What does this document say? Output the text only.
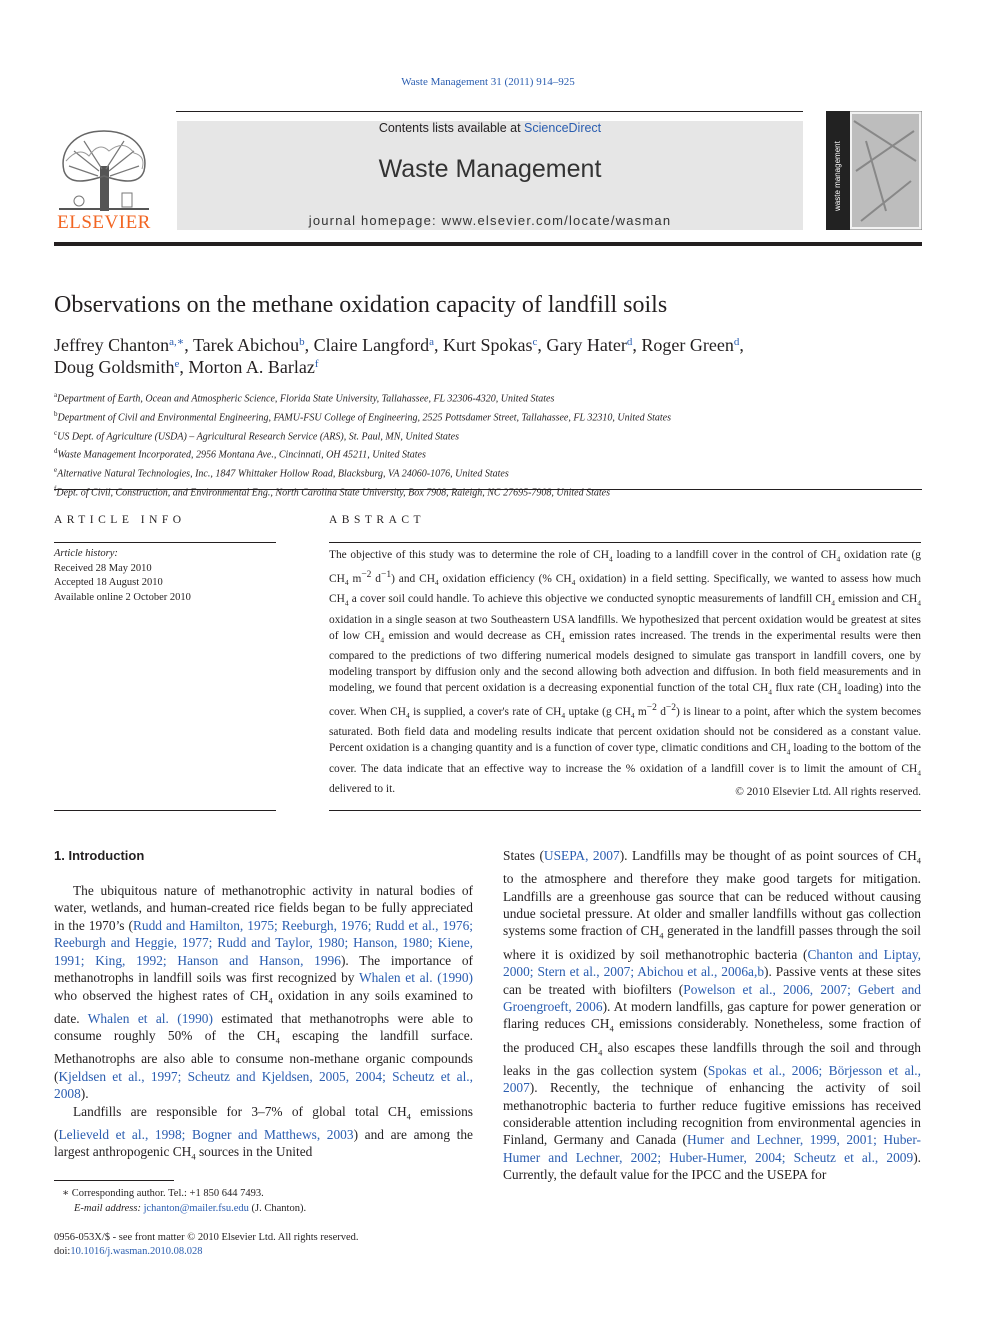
Waste Management 31 (2011) 914–925
ELSEVIER
Contents lists available at ScienceDirect
Waste Management
journal homepage: www.elsevier.com/locate/wasman
waste management
Observations on the methane oxidation capacity of landfill soils
Jeffrey Chanton$^{a,∗}$, Tarek Abichou$^b$, Claire Langford$^a$, Kurt Spokas$^c$, Gary Hater$^d$, Roger Green$^d$,
Doug Goldsmith$^e$, Morton A. Barlaz$^f$
$^a$Department of Earth, Ocean and Atmospheric Science, Florida State University, Tallahassee, FL 32306-4320, United States
$^b$Department of Civil and Environmental Engineering, FAMU-FSU College of Engineering, 2525 Pottsdamer Street, Tallahassee, FL 32310, United States
$^c$US Dept. of Agriculture (USDA) – Agricultural Research Service (ARS), St. Paul, MN, United States
$^d$Waste Management Incorporated, 2956 Montana Ave., Cincinnati, OH 45211, United States
$^e$Alternative Natural Technologies, Inc., 1847 Whittaker Hollow Road, Blacksburg, VA 24060-1076, United States
$^f$Dept. of Civil, Construction, and Environmental Eng., North Carolina State University, Box 7908, Raleigh, NC 27695-7908, United States
ARTICLE INFO
Article history:
Received 28 May 2010
Accepted 18 August 2010
Available online 2 October 2010
ABSTRACT
The objective of this study was to determine the role of $CH_4$ loading to a landfill cover in the control of $CH_4$ oxidation rate (g $CH_4$ $m^{-2}$ $d^{-1}$) and $CH_4$ oxidation efficiency (% $CH_4$ oxidation) in a field setting. Specifically, we wanted to assess how much $CH_4$ a cover soil could handle. To achieve this objective we conducted synoptic measurements of landfill $CH_4$ emission and $CH_4$ oxidation in a single season at two Southeastern USA landfills. We hypothesized that percent oxidation would be greatest at sites of low $CH_4$ emission and would decrease as $CH_4$ emission rates increased. The trends in the experimental results were then compared to the predictions of two differing numerical models designed to simulate gas transport in landfill covers, one by modeling transport by diffusion only and the second allowing both advection and diffusion. In both field measurements and in modeling, we found that percent oxidation is a decreasing exponential function of the total $CH_4$ flux rate ($CH_4$ loading) into the cover. When $CH_4$ is supplied, a cover's rate of $CH_4$ uptake (g $CH_4$ $m^{-2}$ $d^{-2}$) is linear to a point, after which the system becomes saturated. Both field data and modeling results indicate that percent oxidation should not be considered as a constant value. Percent oxidation is a changing quantity and is a function of cover type, climatic conditions and $CH_4$ loading to the bottom of the cover. The data indicate that an effective way to increase the % oxidation of a landfill cover is to limit the amount of $CH_4$ delivered to it.	© 2010 Elsevier Ltd. All rights reserved.
1. Introduction

The ubiquitous nature of methanotrophic activity in natural bodies of water, wetlands, and human-created rice fields began to be fully appreciated in the 1970’s (Rudd and Hamilton, 1975; Reeburgh, 1976; Rudd et al., 1976; Reeburgh and Heggie, 1977; Rudd and Taylor, 1980; Hanson, 1980; Kiene, 1991; King, 1992; Hanson and Hanson, 1996). The importance of methanotrophs in landfill soils was first recognized by Whalen et al. (1990) who observed the highest rates of $CH_4$ oxidation in any soils examined to date. Whalen et al. (1990) estimated that methanotrophs were able to consume roughly 50% of the $CH_4$ escaping the landfill surface. Methanotrophs are also able to consume non-methane organic compounds (Kjeldsen et al., 1997; Scheutz and Kjeldsen, 2005, 2004; Scheutz et al., 2008).

Landfills are responsible for 3–7% of global total $CH_4$ emissions (Lelieveld et al., 1998; Bogner and Matthews, 2003) and are among the largest anthropogenic $CH_4$ sources in the United

States (USEPA, 2007). Landfills may be thought of as point sources of $CH_4$ to the atmosphere and therefore they make good targets for mitigation. Landfills are a greenhouse gas source that can be reduced without causing undue societal pressure. At older and smaller landfills without gas collection systems some fraction of $CH_4$ generated in the landfill passes through the soil where it is oxidized by soil methanotrophic bacteria (Chanton and Liptay, 2000; Stern et al., 2007; Abichou et al., 2006a,b). Passive vents at these sites can be treated with biofilters (Powelson et al., 2006, 2007; Gebert and Groengroeft, 2006). At modern landfills, gas capture for power generation or flaring reduces $CH_4$ emissions considerably. Nonetheless, some fraction of the produced $CH_4$ also escapes these landfills through the soil and through leaks in the gas collection system (Spokas et al., 2006; Börjesson et al., 2007). Recently, the technique of enhancing the activity of soil methanotrophic bacteria to further reduce fugitive emissions has received considerable attention including recognition from environmental agencies in Finland, Germany and Canada (Humer and Lechner, 1999, 2001; Huber-Humer and Lechner, 2002; Huber-Humer, 2004; Scheutz et al., 2009). Currently, the default value for the IPCC and the USEPA for

∗ Corresponding author. Tel.: +1 850 644 7493.
E-mail address: jchanton@mailer.fsu.edu (J. Chanton).
0956-053X/$ - see front matter © 2010 Elsevier Ltd. All rights reserved.
doi:10.1016/j.wasman.2010.08.028
